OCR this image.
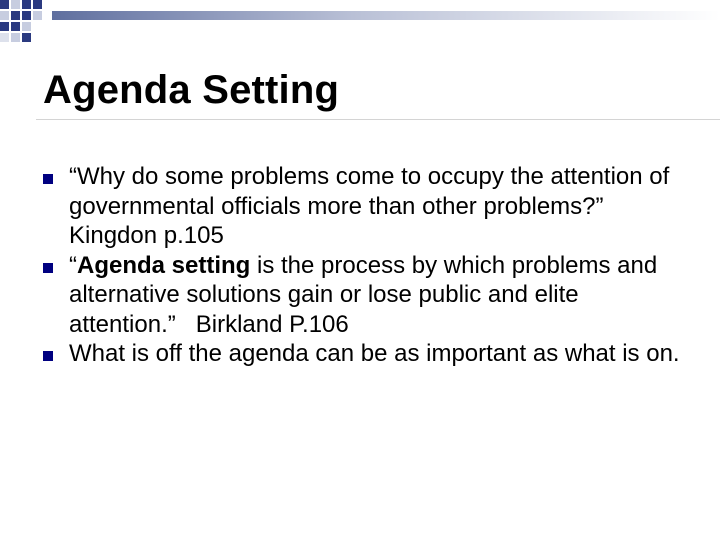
Agenda Setting
“Why do some problems come to occupy the attention of governmental officials more than other problems?” Kingdon p.105
“Agenda setting is the process by which problems and alternative solutions gain or lose public and elite attention.”   Birkland P.106
What is off the agenda can be as important as what is on.
